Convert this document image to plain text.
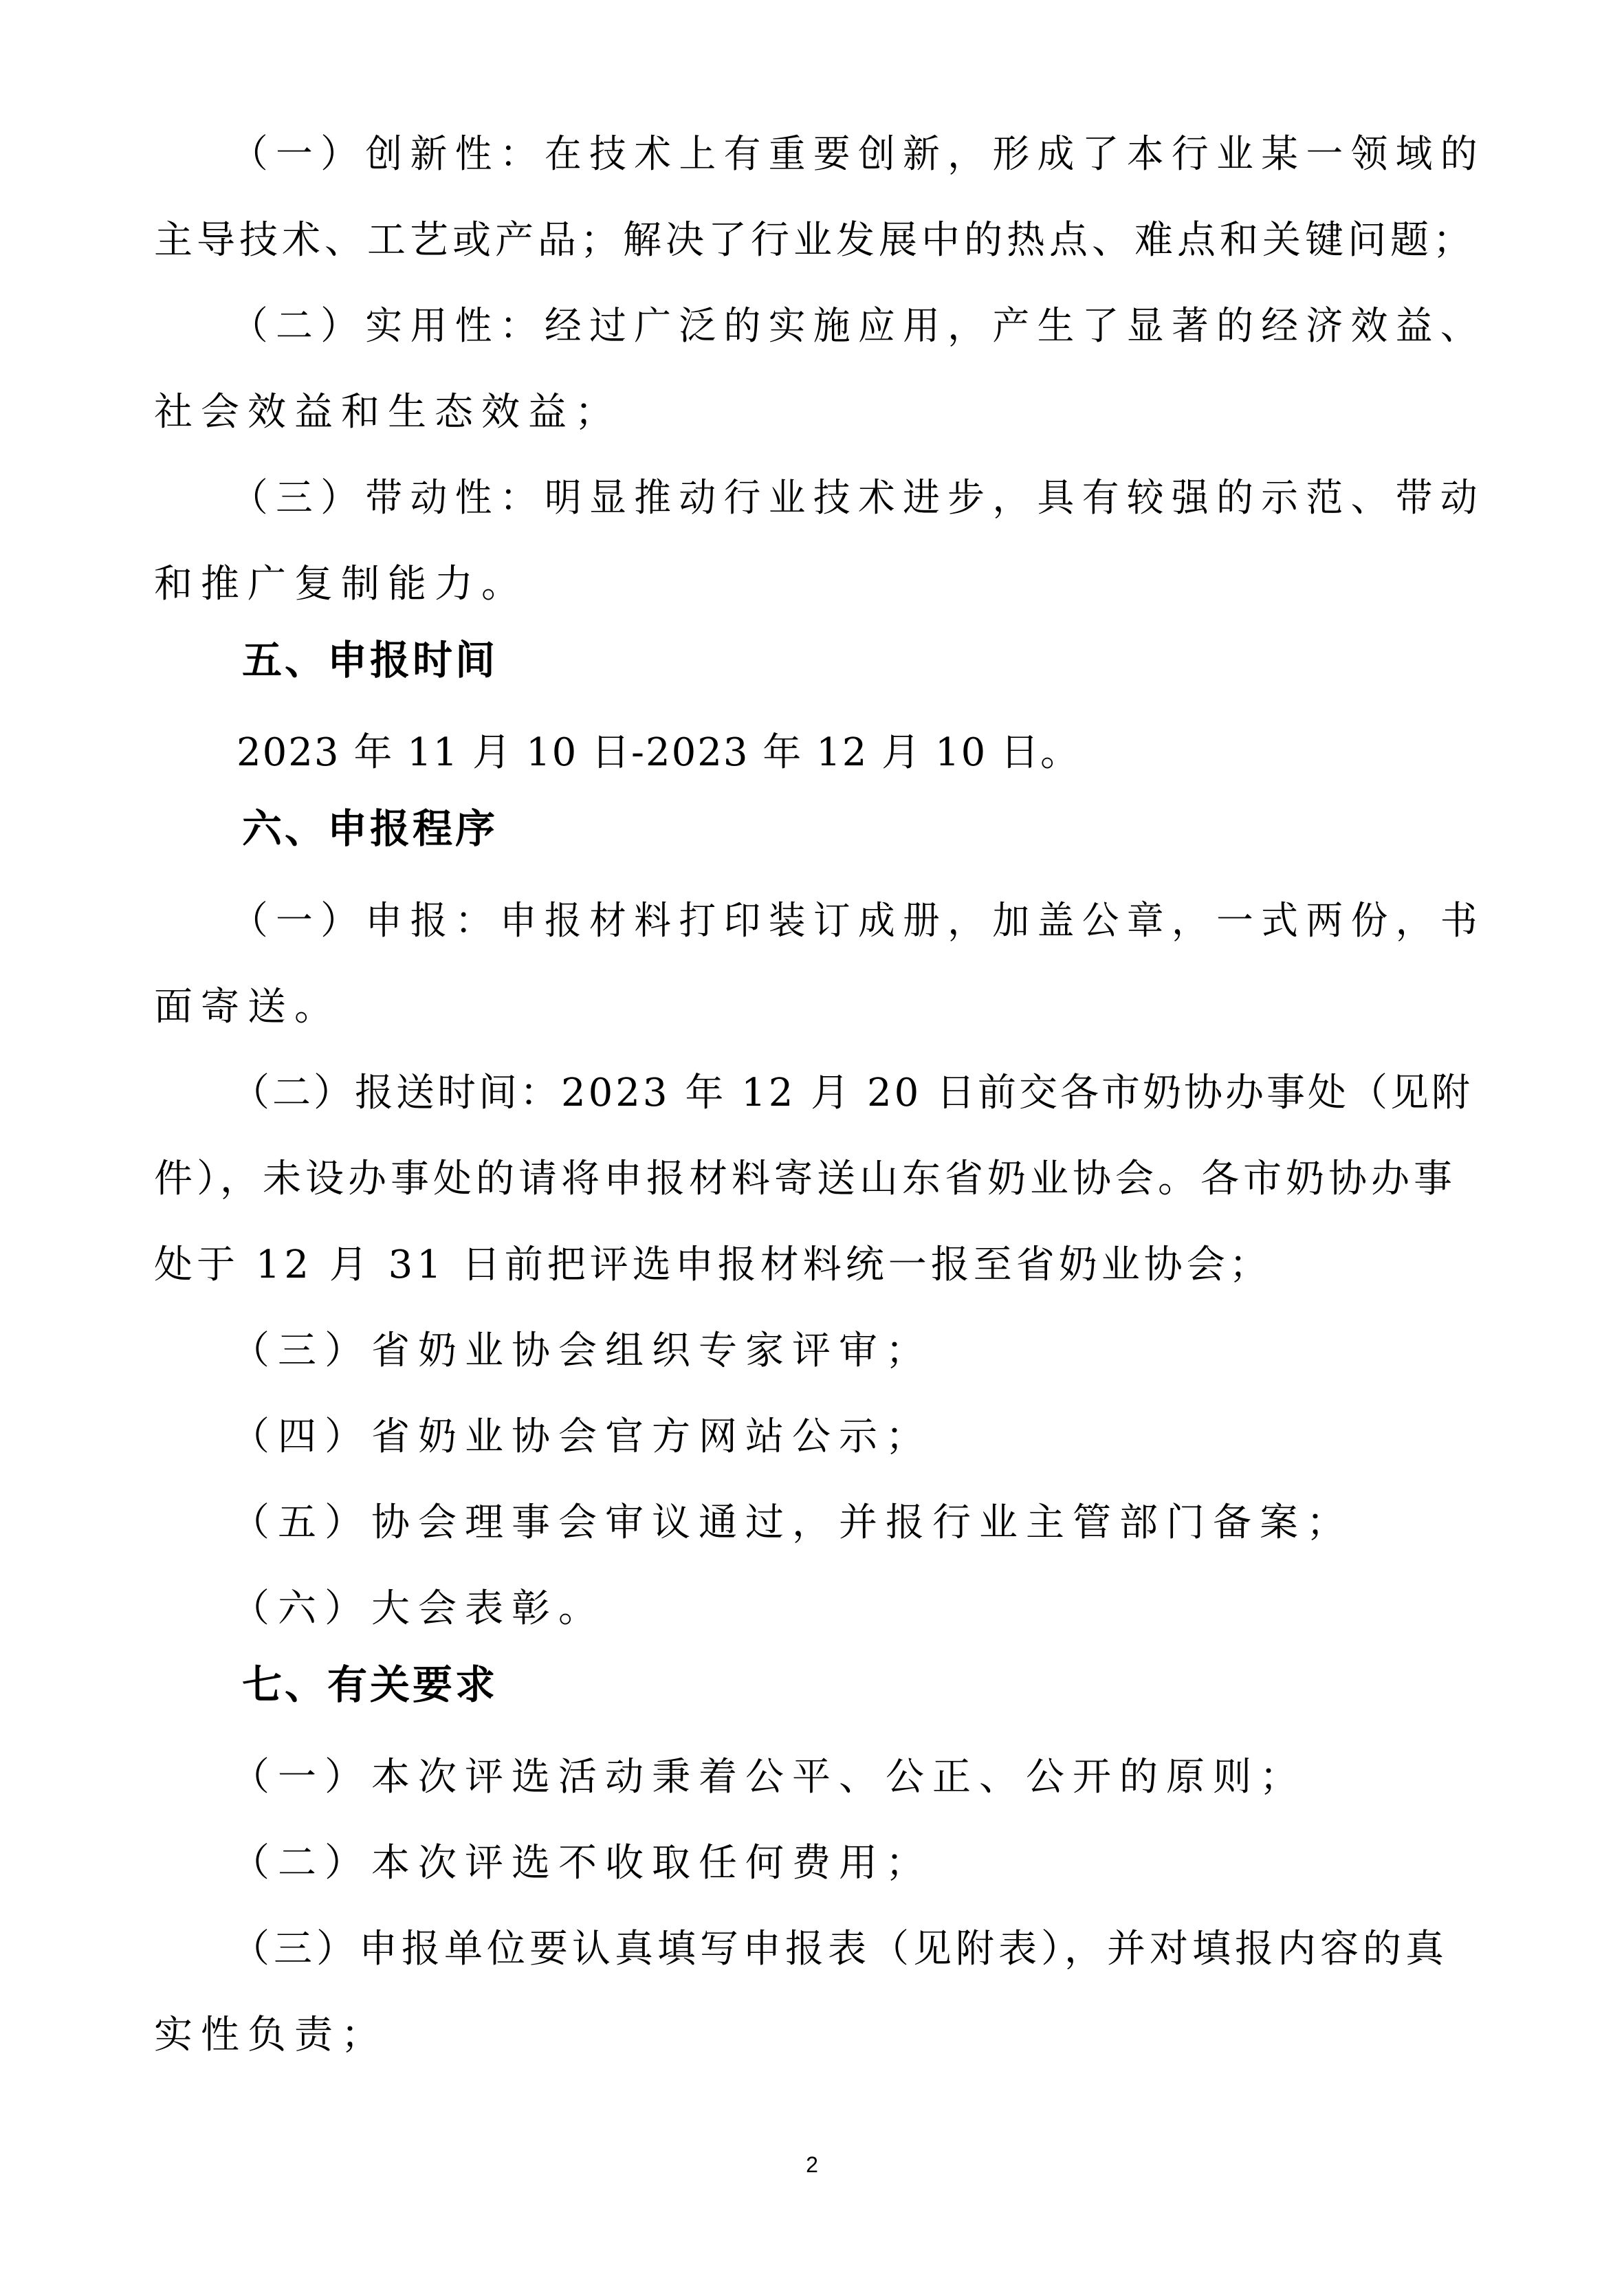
（一）创新性：在技术上有重要创新，形成了本行业某一领域的
主导技术、工艺或产品；解决了行业发展中的热点、难点和关键问题；
（二）实用性：经过广泛的实施应用，产生了显著的经济效益、
社会效益和生态效益；
（三）带动性：明显推动行业技术进步，具有较强的示范、带动
和推广复制能力。
五、申报时间
2023 年 11 月 10 日-2023 年 12 月 10 日。
六、申报程序
（一）申报：申报材料打印装订成册，加盖公章，一式两份，书
面寄送。
（二）报送时间：2023 年 12 月 20 日前交各市奶协办事处（见附
件），未设办事处的请将申报材料寄送山东省奶业协会。各市奶协办事
处于 12 月 31 日前把评选申报材料统一报至省奶业协会；
（三）省奶业协会组织专家评审；
（四）省奶业协会官方网站公示；
（五）协会理事会审议通过，并报行业主管部门备案；
（六）大会表彰。
七、有关要求
（一）本次评选活动秉着公平、公正、公开的原则；
（二）本次评选不收取任何费用；
（三）申报单位要认真填写申报表（见附表），并对填报内容的真
实性负责；
2
